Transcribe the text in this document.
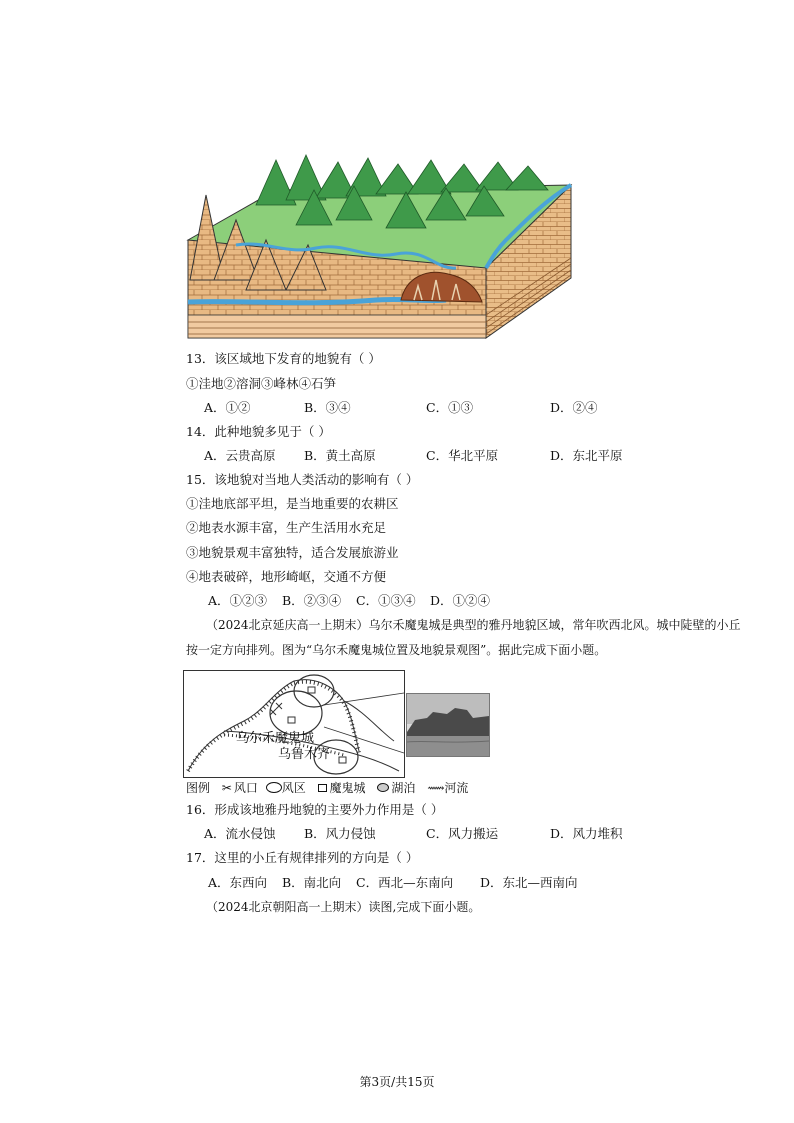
13．该区域地下发育的地貌有（ ）
①洼地②溶洞③峰林④石笋
A．①②	B．③④	C．①③	D．②④
14．此种地貌多见于（ ）
A．云贵高原 B．黄土高原	C．华北平原	D．东北平原
15．该地貌对当地人类活动的影响有（ ）
①洼地底部平坦，是当地重要的农耕区
②地表水源丰富，生产生活用水充足
③地貌景观丰富独特，适合发展旅游业
④地表破碎，地形崎岖，交通不方便
A．①②③ B．②③④ C．①③④ D．①②④
（2024北京延庆高一上期末）乌尔禾魔鬼城是典型的雅丹地貌区域，常年吹西北风。城中陡壁的小丘
按一定方向排列。图为“乌尔禾魔鬼城位置及地貌景观图”。据此完成下面小题。
乌尔禾魔鬼城
乌鲁木齐
图例 ✂ 风口 风区 魔鬼城 湖泊 ⟿河流
16．形成该地雅丹地貌的主要外力作用是（ ）
A．流水侵蚀 B．风力侵蚀	C．风力搬运	D．风力堆积
17．这里的小丘有规律排列的方向是（ ）
A．东西向 B．南北向 C．西北—东南向 D．东北—西南向
（2024北京朝阳高一上期末）读图,完成下面小题。
第3页/共15页
